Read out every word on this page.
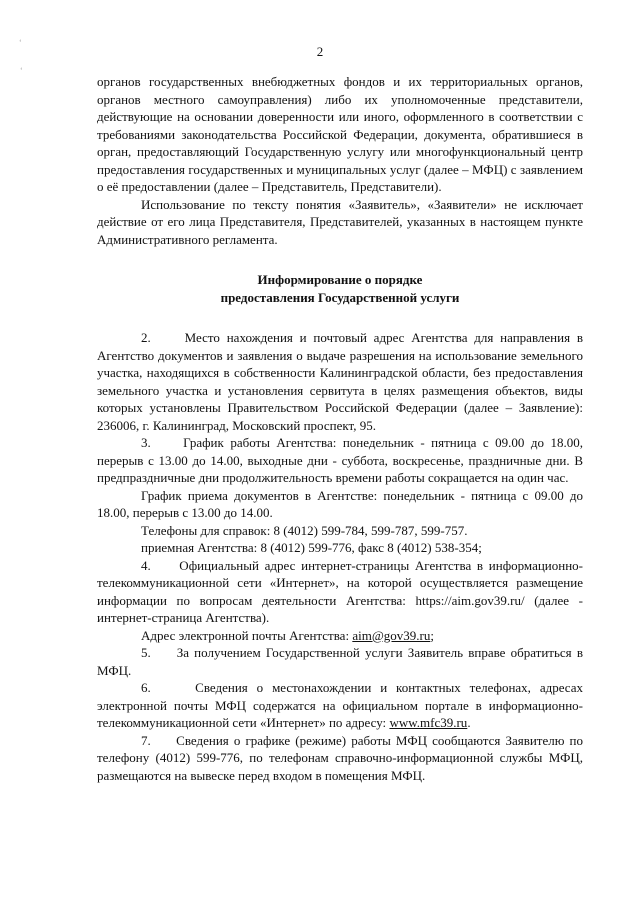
‘
‘
2

органов государственных внебюджетных фондов и их территориальных органов, органов местного самоуправления) либо их уполномоченные представители, действующие на основании доверенности или иного, оформленного в соответствии с требованиями законодательства Российской Федерации, документа, обратившиеся в орган, предоставляющий Государственную услугу или многофункциональный центр предоставления государственных и муниципальных услуг (далее – МФЦ) с заявлением о её предоставлении (далее – Представитель, Представители).

Использование по тексту понятия «Заявитель», «Заявители» не исключает действие от его лица Представителя, Представителей, указанных в настоящем пункте Административного регламента.

Информирование о порядке
предоставления Государственной услуги

2.     Место нахождения и почтовый адрес Агентства для направления в Агентство документов и заявления о выдаче разрешения на использование земельного участка, находящихся в собственности Калининградской области, без предоставления земельного участка и установления сервитута в целях размещения объектов, виды которых установлены Правительством Российской Федерации (далее – Заявление): 236006, г. Калининград, Московский проспект, 95.

3.     График работы Агентства: понедельник - пятница с 09.00 до 18.00, перерыв с 13.00 до 14.00, выходные дни - суббота, воскресенье, праздничные дни. В предпраздничные дни продолжительность времени работы сокращается на один час.

График приема документов в Агентстве: понедельник - пятница с 09.00 до 18.00, перерыв с 13.00 до 14.00.

Телефоны для справок: 8 (4012) 599-784, 599-787, 599-757.

приемная Агентства: 8 (4012) 599-776, факс 8 (4012) 538-354;

4.     Официальный адрес интернет-страницы Агентства в информационно-телекоммуникационной сети «Интернет», на которой осуществляется размещение информации по вопросам деятельности Агентства: https://aim.gov39.ru/ (далее - интернет-страница Агентства).

Адрес электронной почты Агентства: aim@gov39.ru;

5.     За получением Государственной услуги Заявитель вправе обратиться в МФЦ.

6.     Сведения о местонахождении и контактных телефонах, адресах электронной почты МФЦ содержатся на официальном портале в информационно-телекоммуникационной сети «Интернет» по адресу: www.mfc39.ru.

7.     Сведения о графике (режиме) работы МФЦ сообщаются Заявителю по телефону (4012) 599-776, по телефонам справочно-информационной службы МФЦ, размещаются на вывеске перед входом в помещения МФЦ.
